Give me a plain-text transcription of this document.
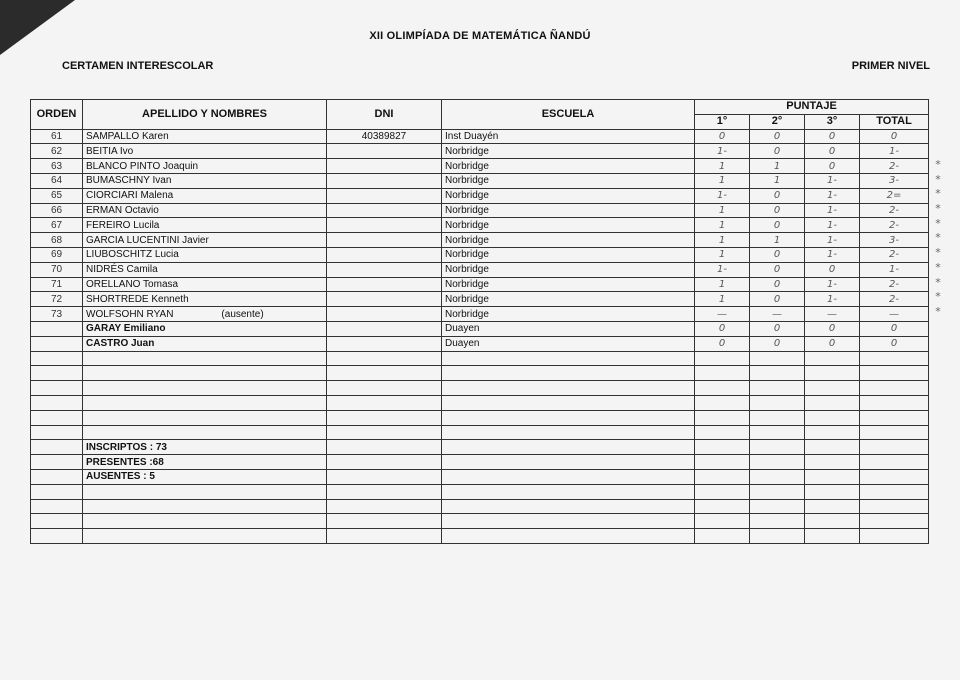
XII OLIMPÍADA DE MATEMÁTICA ÑANDÚ
CERTAMEN INTERESCOLAR	PRIMER NIVEL
ORDEN	APELLIDO Y NOMBRES	DNI	ESCUELA	PUNTAJE			
				1°	2°	3°	TOTAL
61	SAMPALLO Karen	40389827	Inst Duayén	0	0	0	0
62	BEITIA Ivo		Norbridge	1-	0	0	1-
63	BLANCO PINTO Joaquin		Norbridge	1	1	0	2-
64	BUMASCHNY Ivan		Norbridge	1	1	1-	3-
65	CIORCIARI Malena		Norbridge	1-	0	1-	2=
66	ERMAN Octavio		Norbridge	1	0	1-	2-
67	FEREIRO Lucila		Norbridge	1	0	1-	2-
68	GARCIA LUCENTINI Javier		Norbridge	1	1	1-	3-
69	LIUBOSCHITZ Lucia		Norbridge	1	0	1-	2-
70	NIDRÉS Camila		Norbridge	1-	0	0	1-
71	ORELLANO Tomasa		Norbridge	1	0	1-	2-
72	SHORTREDE Kenneth		Norbridge	1	0	1-	2-
73	WOLFSOHN RYAN (ausente)		Norbridge	—	—	—	—
	GARAY Emiliano		Duayen	0	0	0	0
	CASTRO Juan		Duayen	0	0	0	0

	INSCRIPTOS : 73						
	PRESENTES :68						
	AUSENTES : 5						

*
*
*
*
*
*
*
*
*
*
*
